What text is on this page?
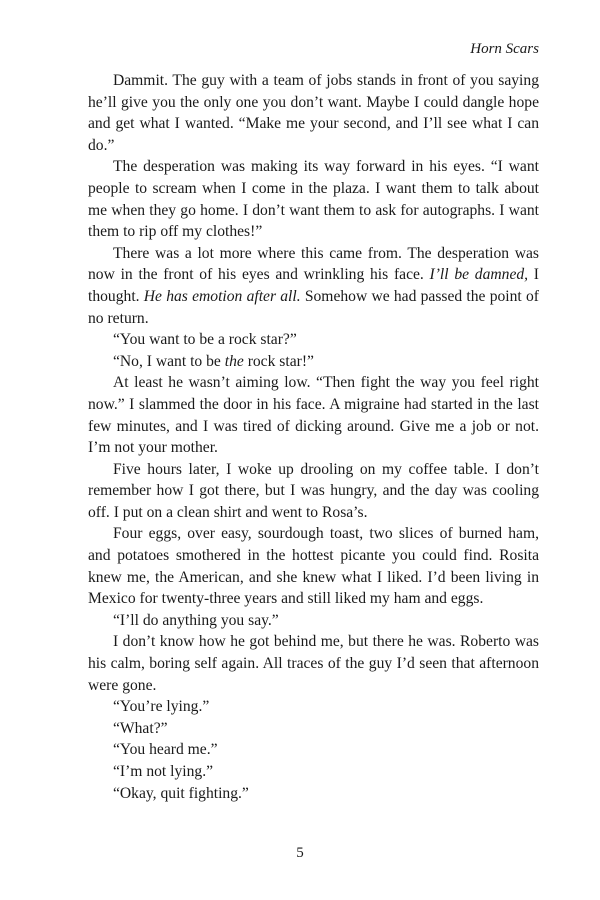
Horn Scars

Dammit. The guy with a team of jobs stands in front of you saying he’ll give you the only one you don’t want. Maybe I could dangle hope and get what I wanted. “Make me your second, and I’ll see what I can do.”

The desperation was making its way forward in his eyes. “I want people to scream when I come in the plaza. I want them to talk about me when they go home. I don’t want them to ask for autographs. I want them to rip off my clothes!”

There was a lot more where this came from. The desperation was now in the front of his eyes and wrinkling his face. I’ll be damned, I thought. He has emotion after all. Somehow we had passed the point of no return.

“You want to be a rock star?”

“No, I want to be the rock star!”

At least he wasn’t aiming low. “Then fight the way you feel right now.” I slammed the door in his face. A migraine had started in the last few minutes, and I was tired of dicking around. Give me a job or not. I’m not your mother.

Five hours later, I woke up drooling on my coffee table. I don’t remember how I got there, but I was hungry, and the day was cooling off. I put on a clean shirt and went to Rosa’s.

Four eggs, over easy, sourdough toast, two slices of burned ham, and potatoes smothered in the hottest picante you could find. Rosita knew me, the American, and she knew what I liked. I’d been living in Mexico for twenty-three years and still liked my ham and eggs.

“I’ll do anything you say.”

I don’t know how he got behind me, but there he was. Roberto was his calm, boring self again. All traces of the guy I’d seen that afternoon were gone.

“You’re lying.”

“What?”

“You heard me.”

“I’m not lying.”

“Okay, quit fighting.”

5
